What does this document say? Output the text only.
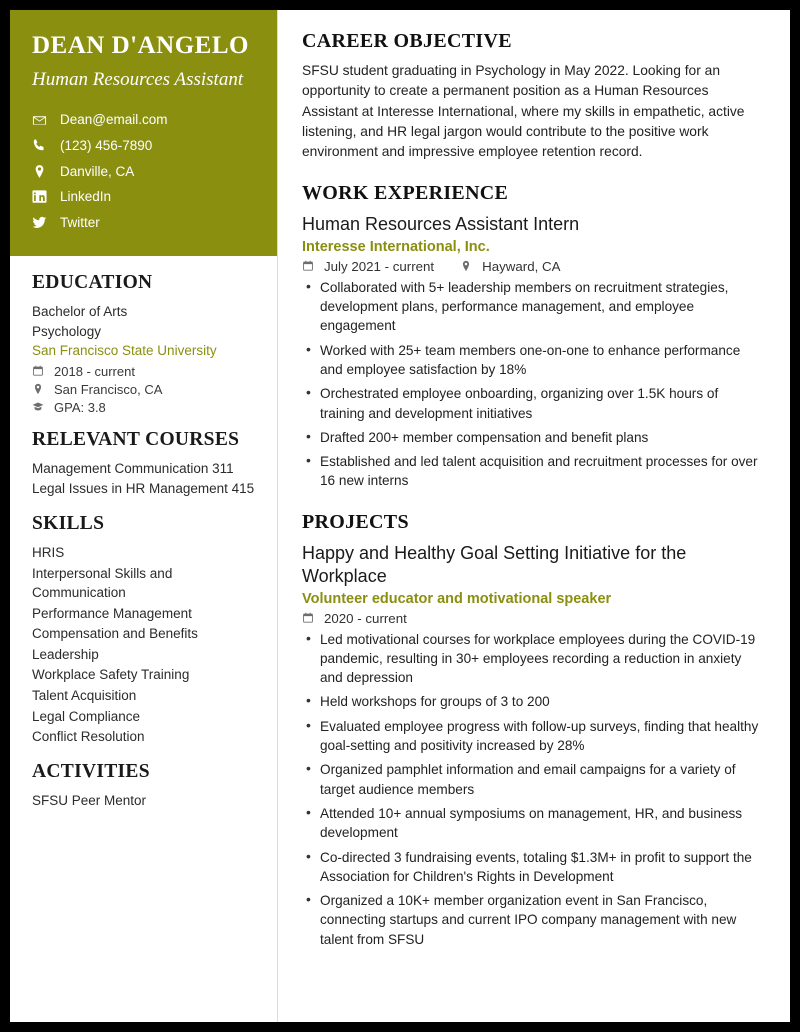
DEAN D'ANGELO
Human Resources Assistant
Dean@email.com
(123) 456-7890
Danville, CA
LinkedIn
Twitter
EDUCATION
Bachelor of Arts
Psychology
San Francisco State University
2018 - current
San Francisco, CA
GPA: 3.8
RELEVANT COURSES
Management Communication 311
Legal Issues in HR Management 415
SKILLS
HRIS
Interpersonal Skills and Communication
Performance Management
Compensation and Benefits
Leadership
Workplace Safety Training
Talent Acquisition
Legal Compliance
Conflict Resolution
ACTIVITIES
SFSU Peer Mentor
CAREER OBJECTIVE

SFSU student graduating in Psychology in May 2022. Looking for an opportunity to create a permanent position as a Human Resources Assistant at Interesse International, where my skills in empathetic, active listening, and HR legal jargon would contribute to the positive work environment and impressive employee retention record.

WORK EXPERIENCE
Human Resources Assistant Intern
Interesse International, Inc.
July 2021 - current	Hayward, CA
• Collaborated with 5+ leadership members on recruitment strategies, development plans, performance management, and employee engagement
• Worked with 25+ team members one-on-one to enhance performance and employee satisfaction by 18%
• Orchestrated employee onboarding, organizing over 1.5K hours of training and development initiatives
• Drafted 200+ member compensation and benefit plans
• Established and led talent acquisition and recruitment processes for over 16 new interns
PROJECTS
Happy and Healthy Goal Setting Initiative for the Workplace
Volunteer educator and motivational speaker
2020 - current
• Led motivational courses for workplace employees during the COVID-19 pandemic, resulting in 30+ employees recording a reduction in anxiety and depression
• Held workshops for groups of 3 to 200
• Evaluated employee progress with follow-up surveys, finding that healthy goal-setting and positivity increased by 28%
• Organized pamphlet information and email campaigns for a variety of target audience members
• Attended 10+ annual symposiums on management, HR, and business development
• Co-directed 3 fundraising events, totaling $1.3M+ in profit to support the Association for Children's Rights in Development
• Organized a 10K+ member organization event in San Francisco, connecting startups and current IPO company management with new talent from SFSU
